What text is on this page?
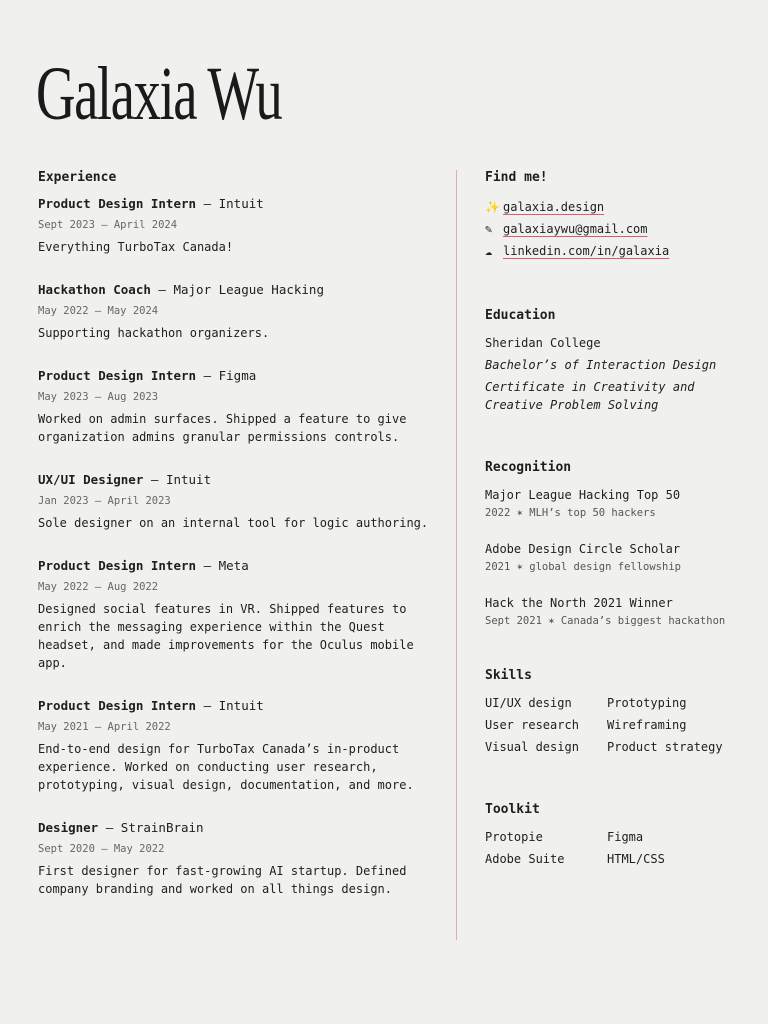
Galaxia Wu
Experience
Product Design Intern — Intuit
Sept 2023 – April 2024
Everything TurboTax Canada!
Hackathon Coach — Major League Hacking
May 2022 – May 2024
Supporting hackathon organizers.
Product Design Intern — Figma
May 2023 – Aug 2023
Worked on admin surfaces. Shipped a feature to give organization admins granular permissions controls.
UX/UI Designer — Intuit
Jan 2023 – April 2023
Sole designer on an internal tool for logic authoring.
Product Design Intern — Meta
May 2022 – Aug 2022
Designed social features in VR. Shipped features to enrich the messaging experience within the Quest headset, and made improvements for the Oculus mobile app.
Product Design Intern — Intuit
May 2021 – April 2022
End-to-end design for TurboTax Canada’s in-product experience. Worked on conducting user research, prototyping, visual design, documentation, and more.
Designer — StrainBrain
Sept 2020 – May 2022
First designer for fast-growing AI startup. Defined company branding and worked on all things design.
Find me!
✨ galaxia.design
✎ galaxiaywu@gmail.com
☁ linkedin.com/in/galaxia
Education
Sheridan College
Bachelor’s of Interaction Design
Certificate in Creativity and Creative Problem Solving
Recognition
Major League Hacking Top 50
2022 ✶ MLH’s top 50 hackers
Adobe Design Circle Scholar
2021 ✶ global design fellowship
Hack the North 2021 Winner
Sept 2021 ✶ Canada’s biggest hackathon
Skills
UI/UX design	Prototyping
User research	Wireframing
Visual design	Product strategy
Toolkit
Protopie	Figma
Adobe Suite	HTML/CSS
